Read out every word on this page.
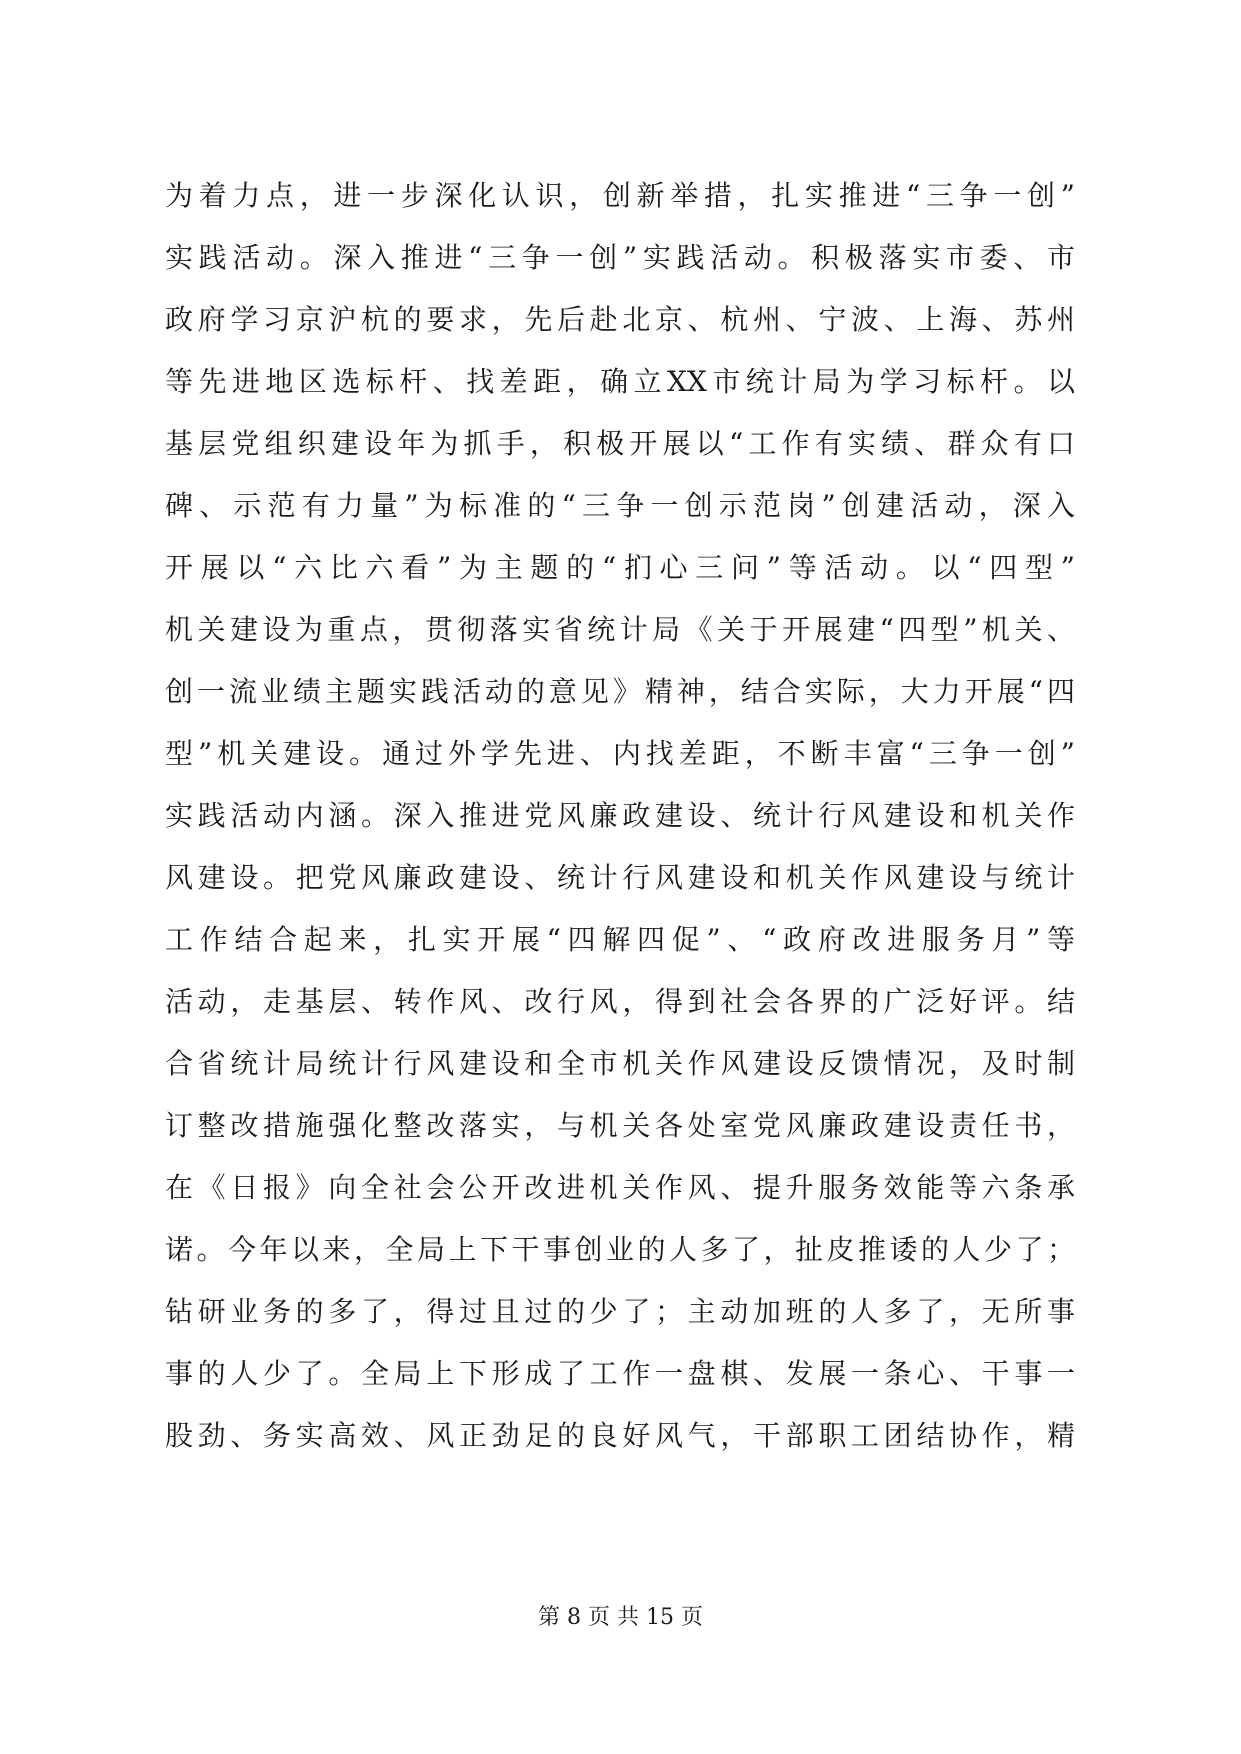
为着力点，进一步深化认识，创新举措，扎实推进“三争一创”
实践活动。深入推进“三争一创”实践活动。积极落实市委、市
政府学习京沪杭的要求，先后赴北京、杭州、宁波、上海、苏州
等先进地区选标杆、找差距，确立XX市统计局为学习标杆。以
基层党组织建设年为抓手，积极开展以“工作有实绩、群众有口
碑、示范有力量”为标准的“三争一创示范岗”创建活动，深入
开展以“六比六看”为主题的“扪心三问”等活动。以“四型”
机关建设为重点，贯彻落实省统计局《关于开展建“四型”机关、
创一流业绩主题实践活动的意见》精神，结合实际，大力开展“四
型”机关建设。通过外学先进、内找差距，不断丰富“三争一创”
实践活动内涵。深入推进党风廉政建设、统计行风建设和机关作
风建设。把党风廉政建设、统计行风建设和机关作风建设与统计
工作结合起来，扎实开展“四解四促”、“政府改进服务月”等
活动，走基层、转作风、改行风，得到社会各界的广泛好评。结
合省统计局统计行风建设和全市机关作风建设反馈情况，及时制
订整改措施强化整改落实，与机关各处室党风廉政建设责任书，
在《日报》向全社会公开改进机关作风、提升服务效能等六条承
诺。今年以来，全局上下干事创业的人多了，扯皮推诿的人少了；
钻研业务的多了，得过且过的少了；主动加班的人多了，无所事
事的人少了。全局上下形成了工作一盘棋、发展一条心、干事一
股劲、务实高效、风正劲足的良好风气，干部职工团结协作，精
第 8 页 共 15 页
